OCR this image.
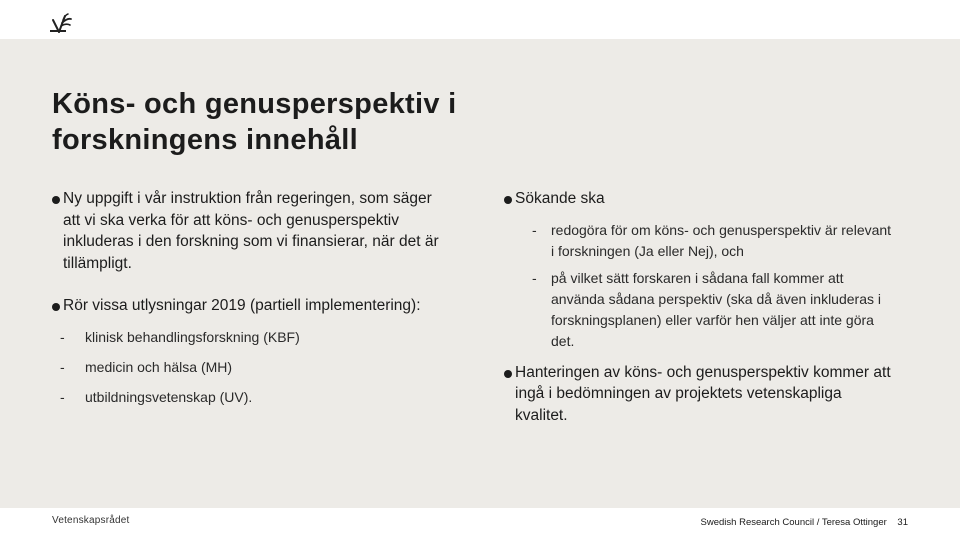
Köns- och genusperspektiv i forskningens innehåll
Ny uppgift i vår instruktion från regeringen, som säger att vi ska verka för att köns- och genusperspektiv inkluderas i den forskning som vi finansierar, när det är tillämpligt.
Rör vissa utlysningar 2019 (partiell implementering):
- klinisk behandlingsforskning (KBF)
- medicin och hälsa (MH)
- utbildningsvetenskap (UV).
Sökande ska
- redogöra för om köns- och genusperspektiv är relevant i forskningen (Ja eller Nej), och
- på vilket sätt forskaren i sådana fall kommer att använda sådana perspektiv (ska då även inkluderas i forskningsplanen) eller varför hen väljer att inte göra det.
Hanteringen av köns- och genusperspektiv kommer att ingå i bedömningen av projektets vetenskapliga kvalitet.
Vetenskapsrådet	Swedish Research Council / Teresa Ottinger 31
